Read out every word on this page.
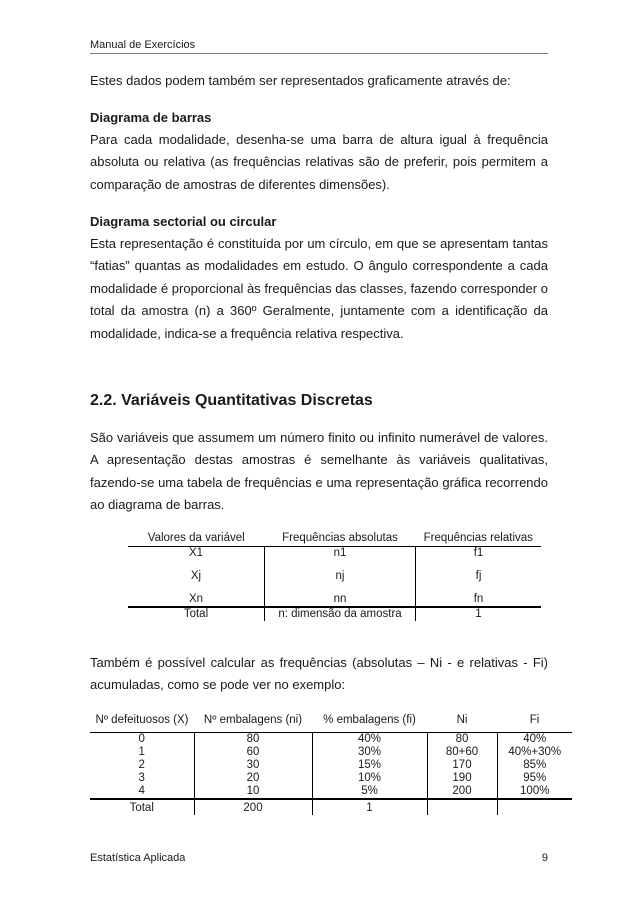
Manual de Exercícios

Estes dados podem também ser representados graficamente através de:

Diagrama de barras

Para cada modalidade, desenha-se uma barra de altura igual à frequência absoluta ou relativa (as frequências relativas são de preferir, pois permitem a comparação de amostras de diferentes dimensões).

Diagrama sectorial ou circular

Esta representação é constituída por um círculo, em que se apresentam tantas “fatias” quantas as modalidades em estudo. O ângulo correspondente a cada modalidade é proporcional às frequências das classes, fazendo corresponder o total da amostra (n) a 360º Geralmente, juntamente com a identificação da modalidade, indica-se a frequência relativa respectiva.

2.2. Variáveis Quantitativas Discretas

São variáveis que assumem um número finito ou infinito numerável de valores. A apresentação destas amostras é semelhante às variáveis qualitativas, fazendo-se uma tabela de frequências e uma representação gráfica recorrendo ao diagrama de barras.

Valores da variável	Frequências absolutas	Frequências relativas
X1	n1	f1

Xj	nj	fj

Xn	nn	fn
Total	n: dimensão da amostra	1

Também é possível calcular as frequências (absolutas – Ni - e relativas - Fi) acumuladas, como se pode ver no exemplo:

Nº defeituosos (X)	Nº embalagens (ni)	% embalagens (fi)	Ni	Fi
0	80	40%	80	40%
1	60	30%	80+60	40%+30%
2	30	15%	170	85%
3	20	10%	190	95%
4	10	5%	200	100%
Total	200	1		
Estatística Aplicada	9
